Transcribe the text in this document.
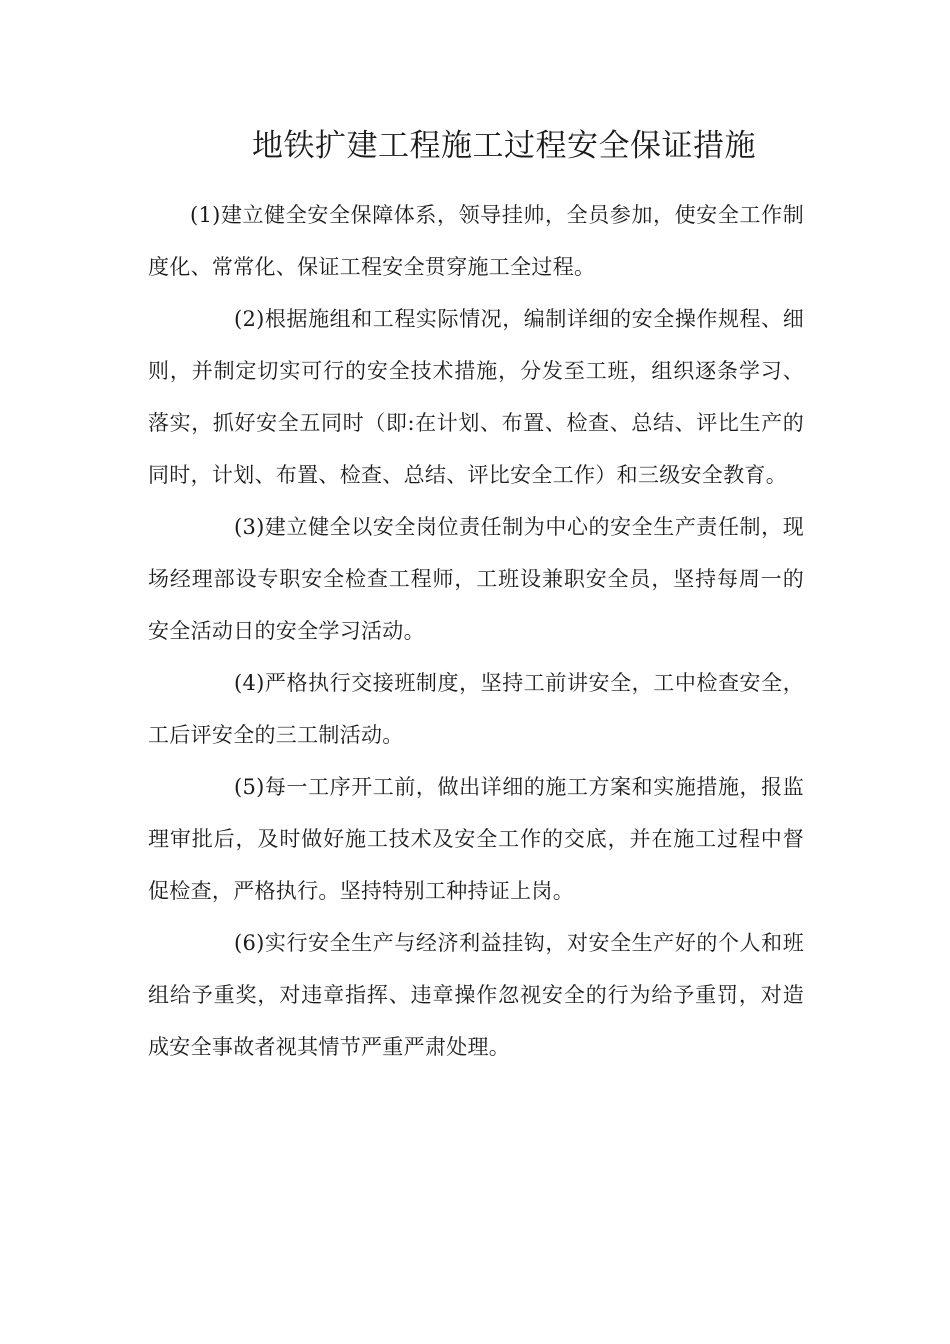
地铁扩建工程施工过程安全保证措施

(1)建立健全安全保障体系，领导挂帅，全员参加，使安全工作制度化、常常化、保证工程安全贯穿施工全过程。

(2)根据施组和工程实际情况，编制详细的安全操作规程、细则，并制定切实可行的安全技术措施，分发至工班，组织逐条学习、落实，抓好安全五同时（即:在计划、布置、检查、总结、评比生产的同时，计划、布置、检查、总结、评比安全工作）和三级安全教育。

(3)建立健全以安全岗位责任制为中心的安全生产责任制，现场经理部设专职安全检查工程师，工班设兼职安全员，坚持每周一的安全活动日的安全学习活动。

(4)严格执行交接班制度，坚持工前讲安全，工中检查安全，工后评安全的三工制活动。

(5)每一工序开工前，做出详细的施工方案和实施措施，报监理审批后，及时做好施工技术及安全工作的交底，并在施工过程中督促检查，严格执行。坚持特别工种持证上岗。

(6)实行安全生产与经济利益挂钩，对安全生产好的个人和班组给予重奖，对违章指挥、违章操作忽视安全的行为给予重罚，对造成安全事故者视其情节严重严肃处理。
